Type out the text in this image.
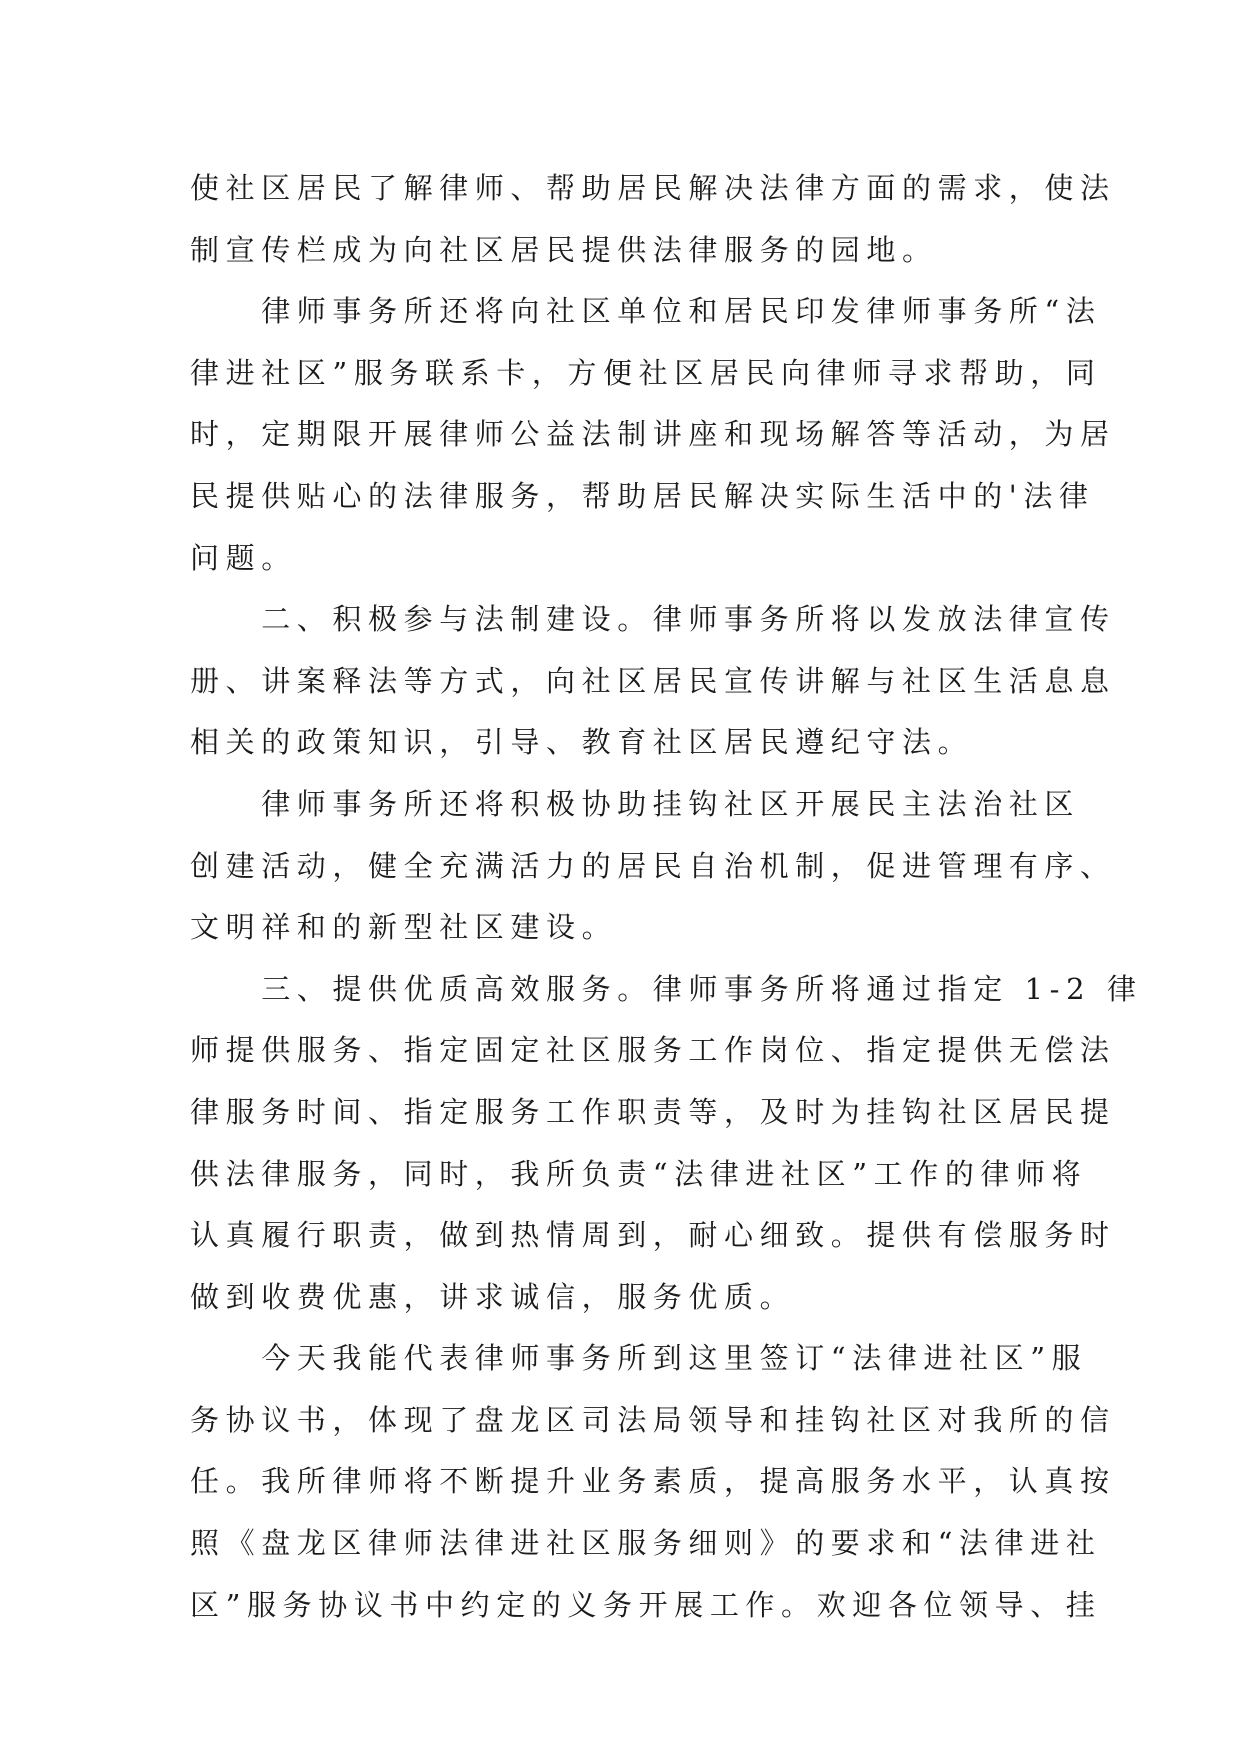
使社区居民了解律师、帮助居民解决法律方面的需求，使法
制宣传栏成为向社区居民提供法律服务的园地。
　　律师事务所还将向社区单位和居民印发律师事务所“法
律进社区”服务联系卡，方便社区居民向律师寻求帮助，同
时，定期限开展律师公益法制讲座和现场解答等活动，为居
民提供贴心的法律服务，帮助居民解决实际生活中的'法律
问题。
　　二、积极参与法制建设。律师事务所将以发放法律宣传
册、讲案释法等方式，向社区居民宣传讲解与社区生活息息
相关的政策知识，引导、教育社区居民遵纪守法。
　　律师事务所还将积极协助挂钩社区开展民主法治社区
创建活动，健全充满活力的居民自治机制，促进管理有序、
文明祥和的新型社区建设。
　　三、提供优质高效服务。律师事务所将通过指定 1-2 律
师提供服务、指定固定社区服务工作岗位、指定提供无偿法
律服务时间、指定服务工作职责等，及时为挂钩社区居民提
供法律服务，同时，我所负责“法律进社区”工作的律师将
认真履行职责，做到热情周到，耐心细致。提供有偿服务时
做到收费优惠，讲求诚信，服务优质。
　　今天我能代表律师事务所到这里签订“法律进社区”服
务协议书，体现了盘龙区司法局领导和挂钩社区对我所的信
任。我所律师将不断提升业务素质，提高服务水平，认真按
照《盘龙区律师法律进社区服务细则》的要求和“法律进社
区”服务协议书中约定的义务开展工作。欢迎各位领导、挂
